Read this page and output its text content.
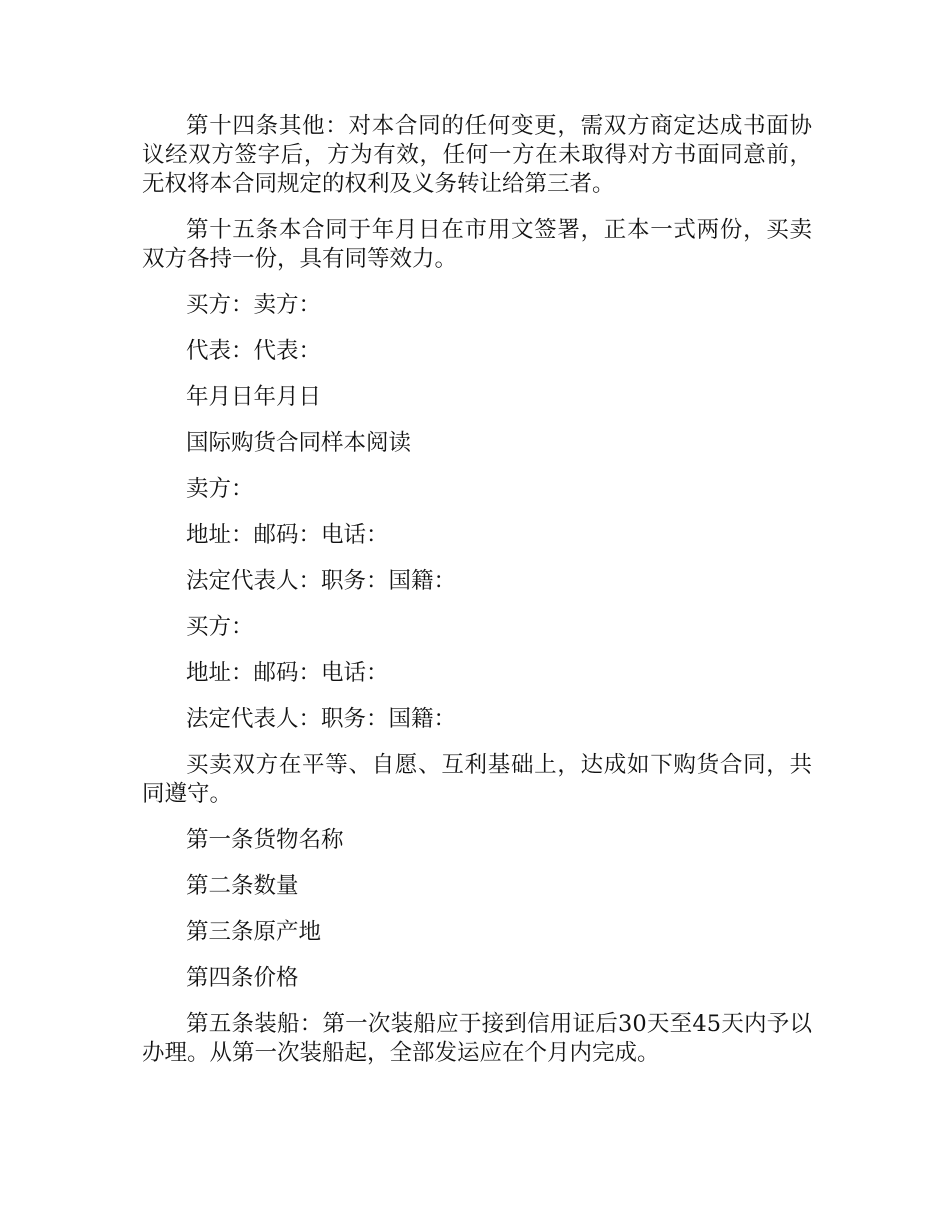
第十四条其他：对本合同的任何变更，需双方商定达成书面协议经双方签字后，方为有效，任何一方在未取得对方书面同意前，无权将本合同规定的权利及义务转让给第三者。

第十五条本合同于年月日在市用文签署，正本一式两份，买卖双方各持一份，具有同等效力。

买方：卖方：

代表：代表：

年月日年月日

国际购货合同样本阅读

卖方：

地址：邮码：电话：

法定代表人：职务：国籍：

买方：

地址：邮码：电话：

法定代表人：职务：国籍：

买卖双方在平等、自愿、互利基础上，达成如下购货合同，共同遵守。

第一条货物名称

第二条数量

第三条原产地

第四条价格

第五条装船：第一次装船应于接到信用证后30天至45天内予以办理。从第一次装船起，全部发运应在个月内完成。
